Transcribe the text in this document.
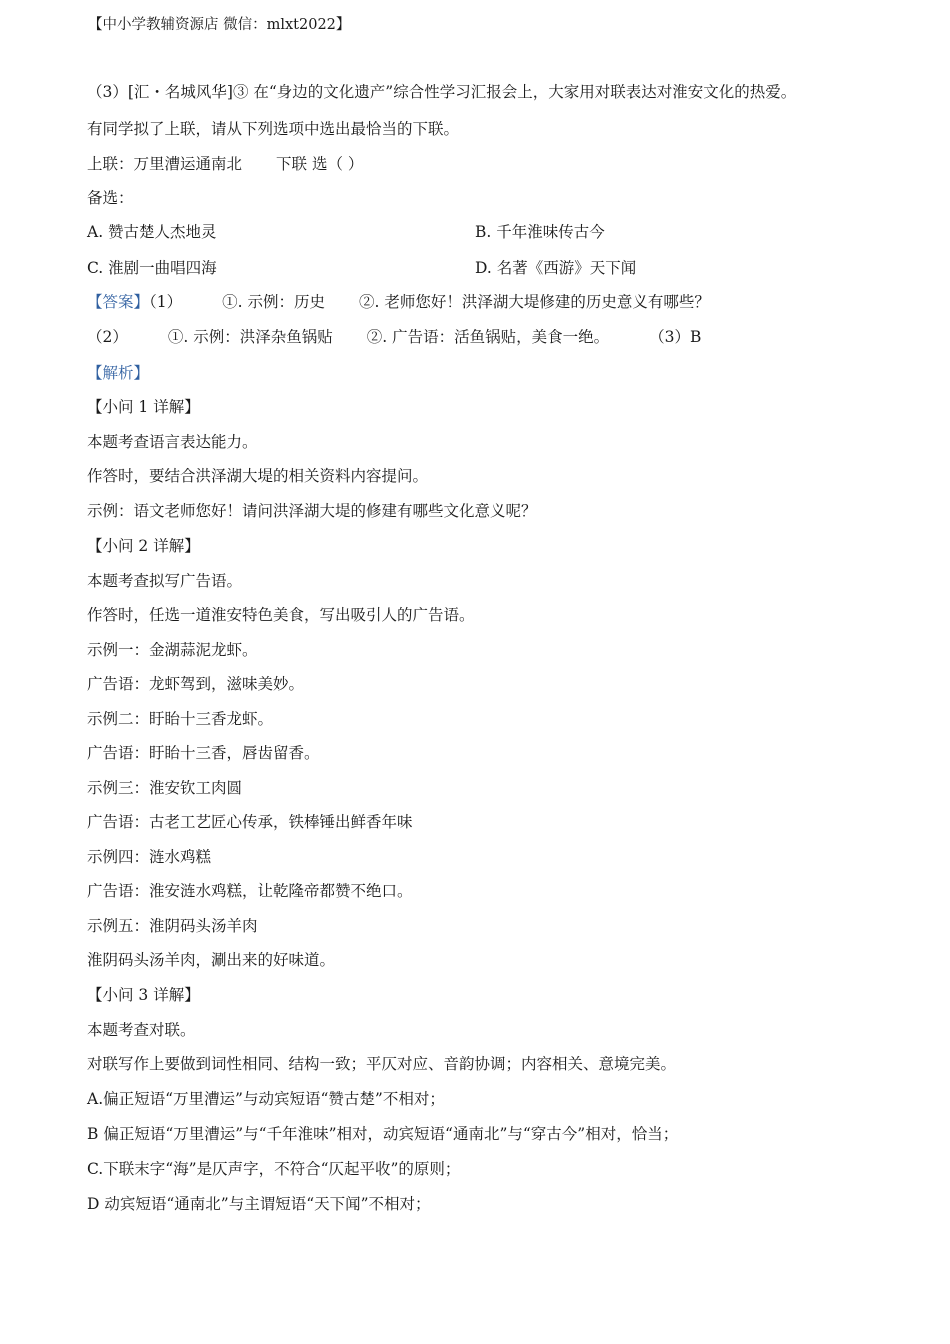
【中小学教辅资源店 微信：mlxt2022】
（3）[汇・名城风华]③ 在“身边的文化遗产”综合性学习汇报会上，大家用对联表达对淮安文化的热爱。
有同学拟了上联，请从下列选项中选出最恰当的下联。
上联：万里漕运通南北 下联 选（ ）
备选：
A. 赞古楚人杰地灵	B. 千年淮味传古今
C. 淮剧一曲唱四海	D. 名著《西游》天下闻
【答案】（1）	①. 示例：历史 ②. 老师您好！洪泽湖大堤修建的历史意义有哪些？
（2）	①. 示例：洪泽杂鱼锅贴 ②. 广告语：活鱼锅贴，美食一绝。	（3）B
【解析】
【小问 1 详解】
本题考查语言表达能力。
作答时，要结合洪泽湖大堤的相关资料内容提问。
示例：语文老师您好！请问洪泽湖大堤的修建有哪些文化意义呢？
【小问 2 详解】
本题考查拟写广告语。
作答时，任选一道淮安特色美食，写出吸引人的广告语。
示例一：金湖蒜泥龙虾。
广告语：龙虾驾到，滋味美妙。
示例二：盱眙十三香龙虾。
广告语：盱眙十三香，唇齿留香。
示例三：淮安钦工肉圆
广告语：古老工艺匠心传承，铁棒锤出鲜香年味
示例四：涟水鸡糕
广告语：淮安涟水鸡糕，让乾隆帝都赞不绝口。
示例五：淮阴码头汤羊肉
淮阴码头汤羊肉，涮出来的好味道。
【小问 3 详解】
本题考查对联。
对联写作上要做到词性相同、结构一致；平仄对应、音韵协调；内容相关、意境完美。
A.偏正短语“万里漕运”与动宾短语“赞古楚”不相对；
B 偏正短语“万里漕运”与“千年淮味”相对，动宾短语“通南北”与“穿古今”相对，恰当；
C.下联末字“海”是仄声字，不符合“仄起平收”的原则；
D 动宾短语“通南北”与主谓短语“天下闻”不相对；
